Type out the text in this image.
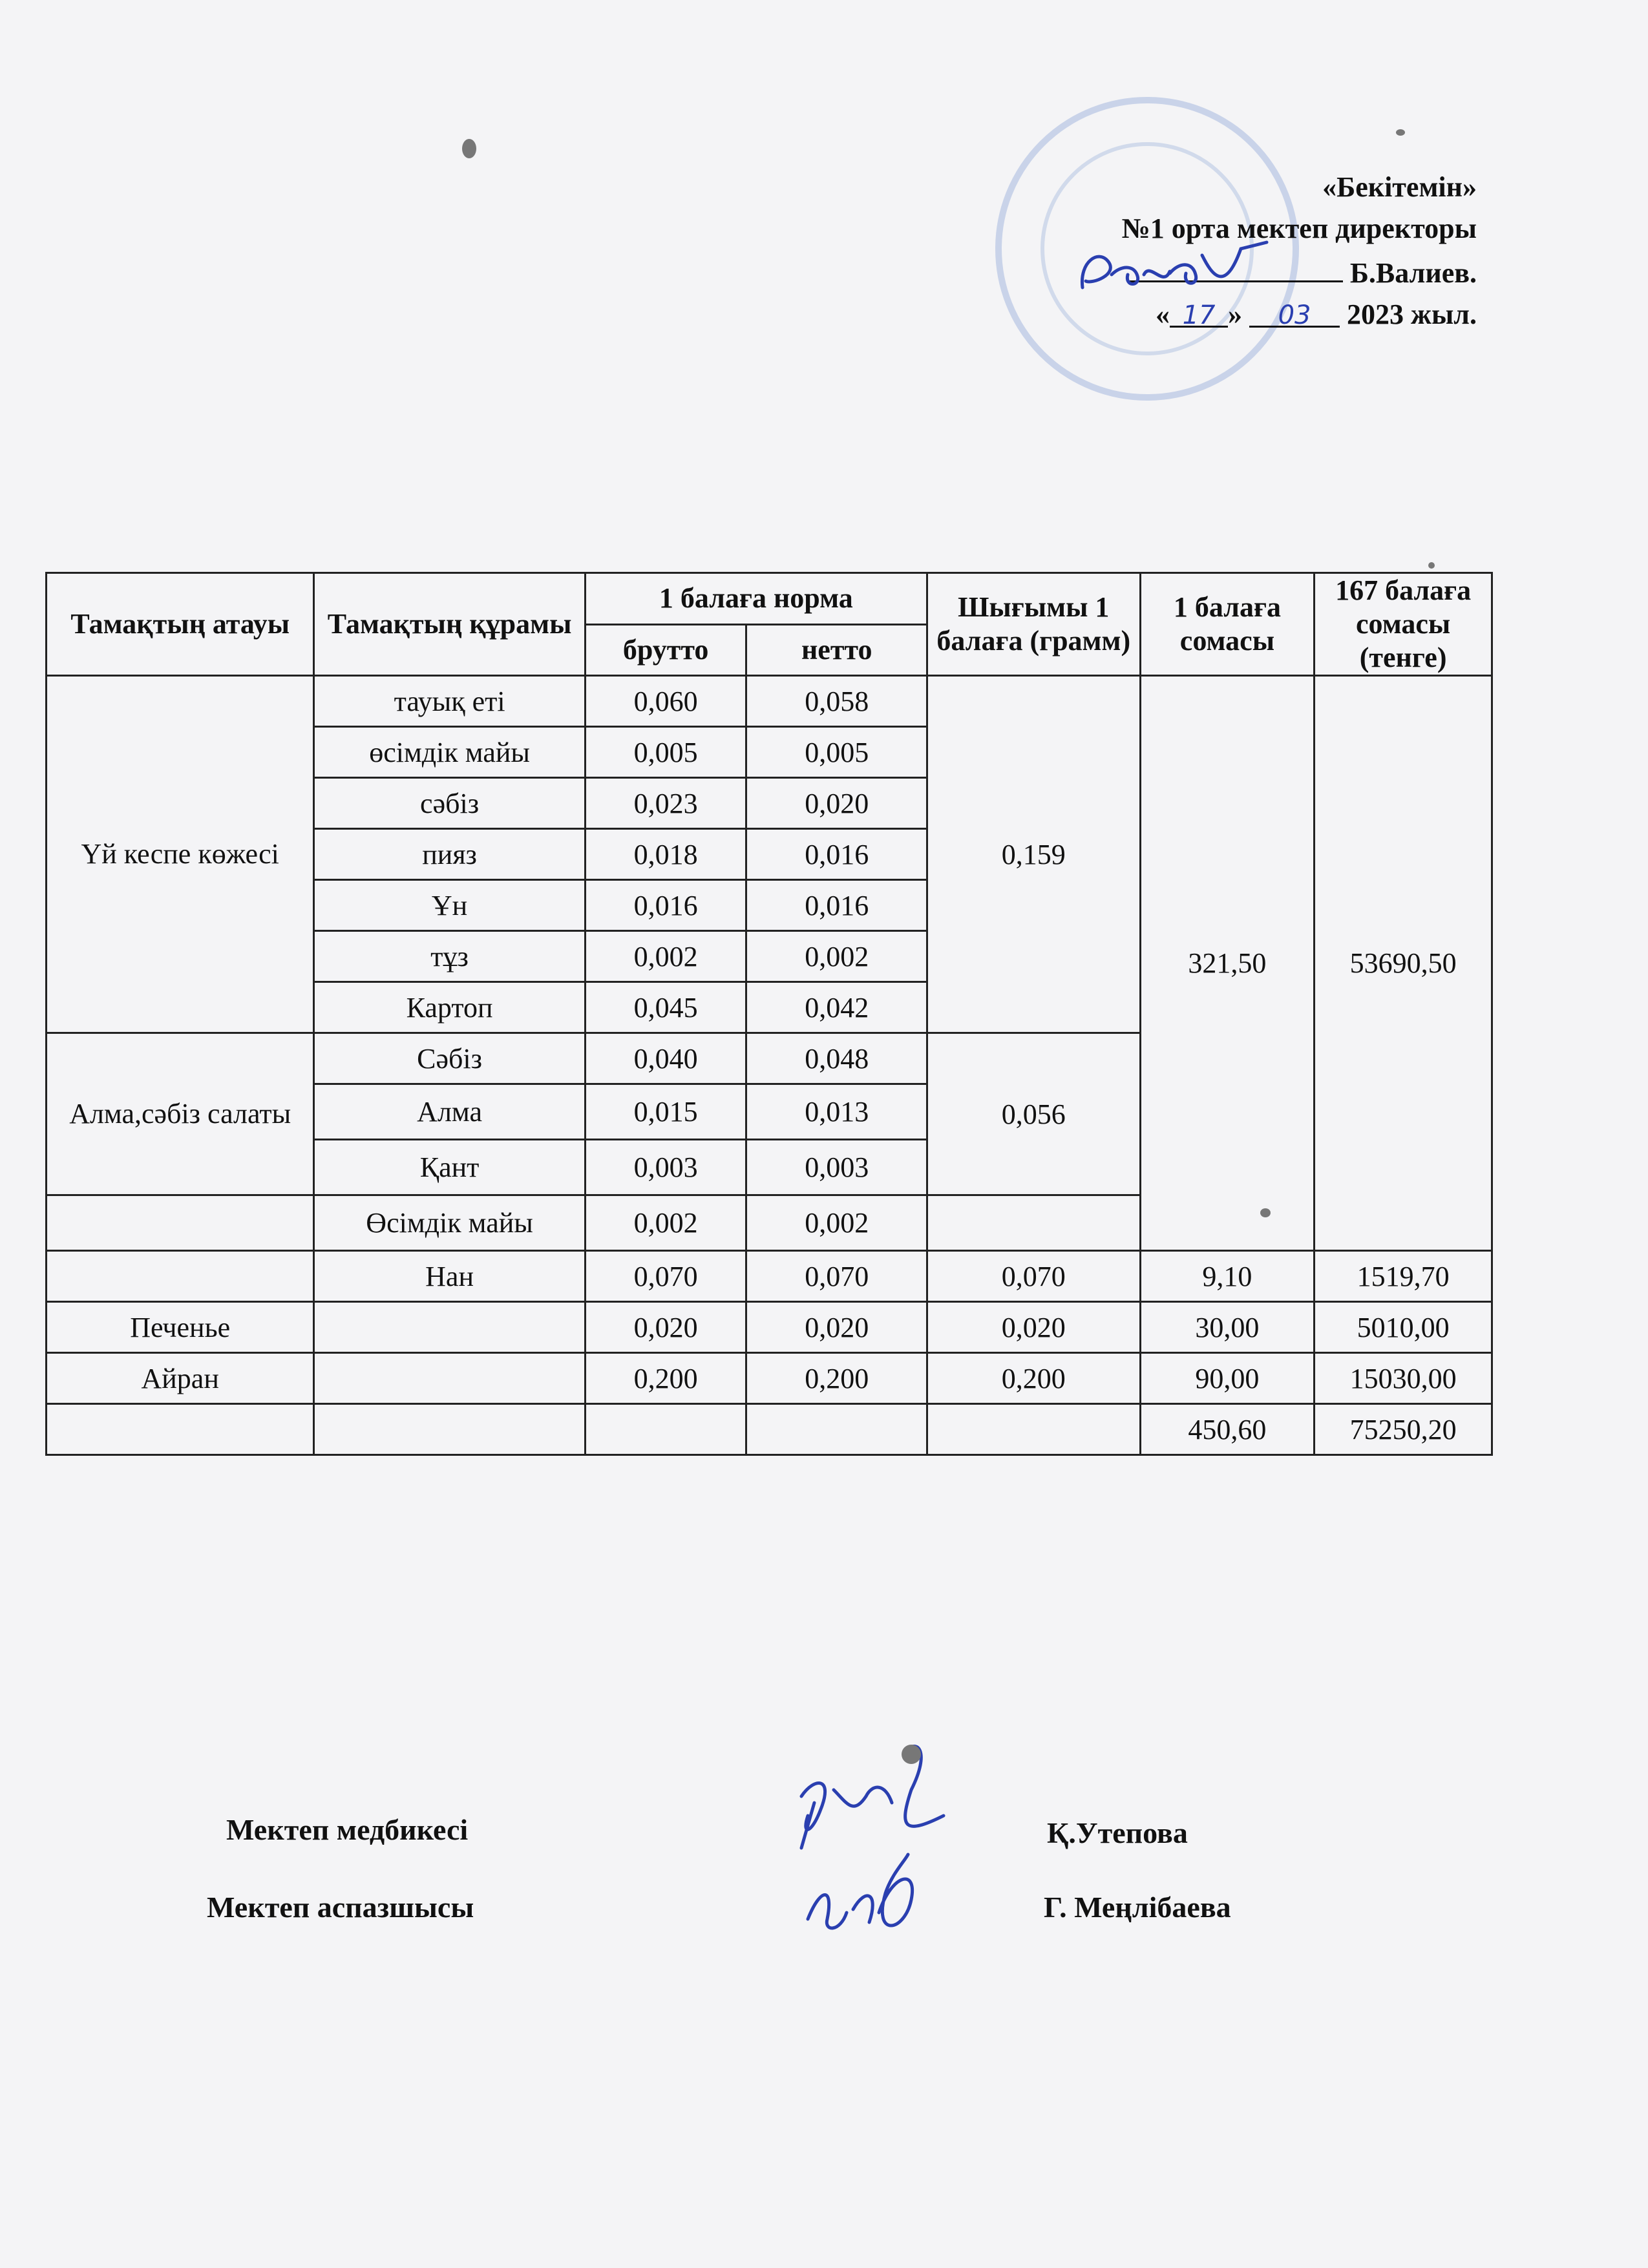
«Бекітемін»
№1 орта мектеп директоры
Б.Валиев.
« 17 » 03 2023 жыл.
Тамақтың атауы	Тамақтың құрамы	1 балаға норма		Шығымы 1 балаға (грамм)	1 балаға сомасы	167 балаға сомасы (тенге)
		брутто	нетто			
Үй кеспе көжесі	тауық еті	0,060	0,058	0,159	321,50	53690,50
	өсімдік майы	0,005	0,005			
	сәбіз	0,023	0,020			
	пияз	0,018	0,016			
	Ұн	0,016	0,016			
	тұз	0,002	0,002			
	Картоп	0,045	0,042			
Алма,сәбіз салаты	Сәбіз	0,040	0,048	0,056		
	Алма	0,015	0,013			
	Қант	0,003	0,003			
	Өсімдік майы	0,002	0,002			
	Нан	0,070	0,070	0,070	9,10	1519,70
Печенье		0,020	0,020	0,020	30,00	5010,00
Айран		0,200	0,200	0,200	90,00	15030,00
					450,60	75250,20
Мектеп медбикесі	Қ.Утепова
Мектеп аспазшысы	Г. Меңлібаева
